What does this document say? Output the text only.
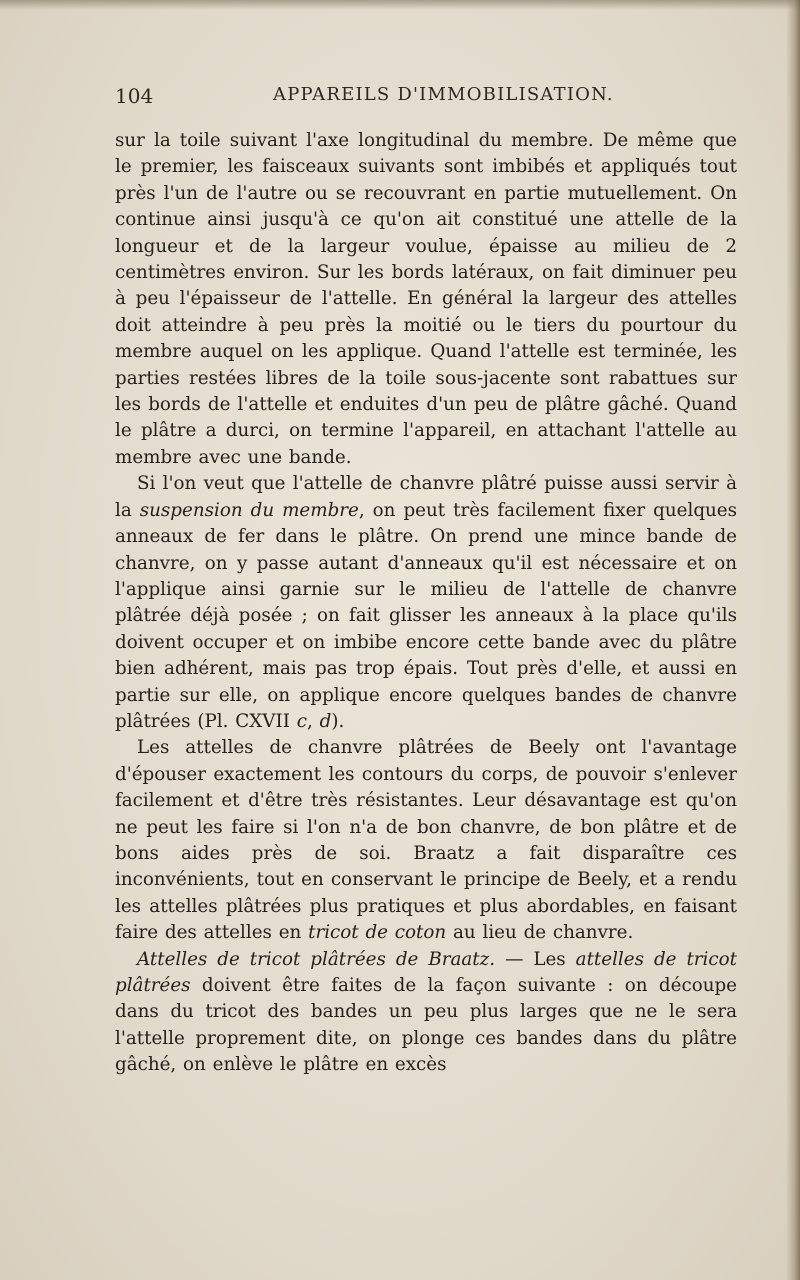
104	APPAREILS D'IMMOBILISATION.

sur la toile suivant l'axe longitudinal du membre. De même que le premier, les faisceaux suivants sont imbibés et appliqués tout près l'un de l'autre ou se recouvrant en partie mutuellement. On continue ainsi jusqu'à ce qu'on ait constitué une attelle de la longueur et de la largeur voulue, épaisse au milieu de 2 centimètres environ. Sur les bords latéraux, on fait diminuer peu à peu l'épaisseur de l'attelle. En général la largeur des attelles doit atteindre à peu près la moitié ou le tiers du pourtour du membre auquel on les applique. Quand l'attelle est terminée, les parties restées libres de la toile sous-jacente sont rabattues sur les bords de l'attelle et enduites d'un peu de plâtre gâché. Quand le plâtre a durci, on termine l'appareil, en attachant l'attelle au membre avec une bande.

Si l'on veut que l'attelle de chanvre plâtré puisse aussi servir à la suspension du membre, on peut très facilement fixer quelques anneaux de fer dans le plâtre. On prend une mince bande de chanvre, on y passe autant d'anneaux qu'il est nécessaire et on l'applique ainsi garnie sur le milieu de l'attelle de chanvre plâtrée déjà posée ; on fait glisser les anneaux à la place qu'ils doivent occuper et on imbibe encore cette bande avec du plâtre bien adhérent, mais pas trop épais. Tout près d'elle, et aussi en partie sur elle, on applique encore quelques bandes de chanvre plâtrées (Pl. CXVII c, d).

Les attelles de chanvre plâtrées de Beely ont l'avantage d'épouser exactement les contours du corps, de pouvoir s'enlever facilement et d'être très résistantes. Leur désavantage est qu'on ne peut les faire si l'on n'a de bon chanvre, de bon plâtre et de bons aides près de soi. Braatz a fait disparaître ces inconvénients, tout en conservant le principe de Beely, et a rendu les attelles plâtrées plus pratiques et plus abordables, en faisant faire des attelles en tricot de coton au lieu de chanvre.

Attelles de tricot plâtrées de Braatz. — Les attelles de tricot plâtrées doivent être faites de la façon suivante : on découpe dans du tricot des bandes un peu plus larges que ne le sera l'attelle proprement dite, on plonge ces bandes dans du plâtre gâché, on enlève le plâtre en excès
